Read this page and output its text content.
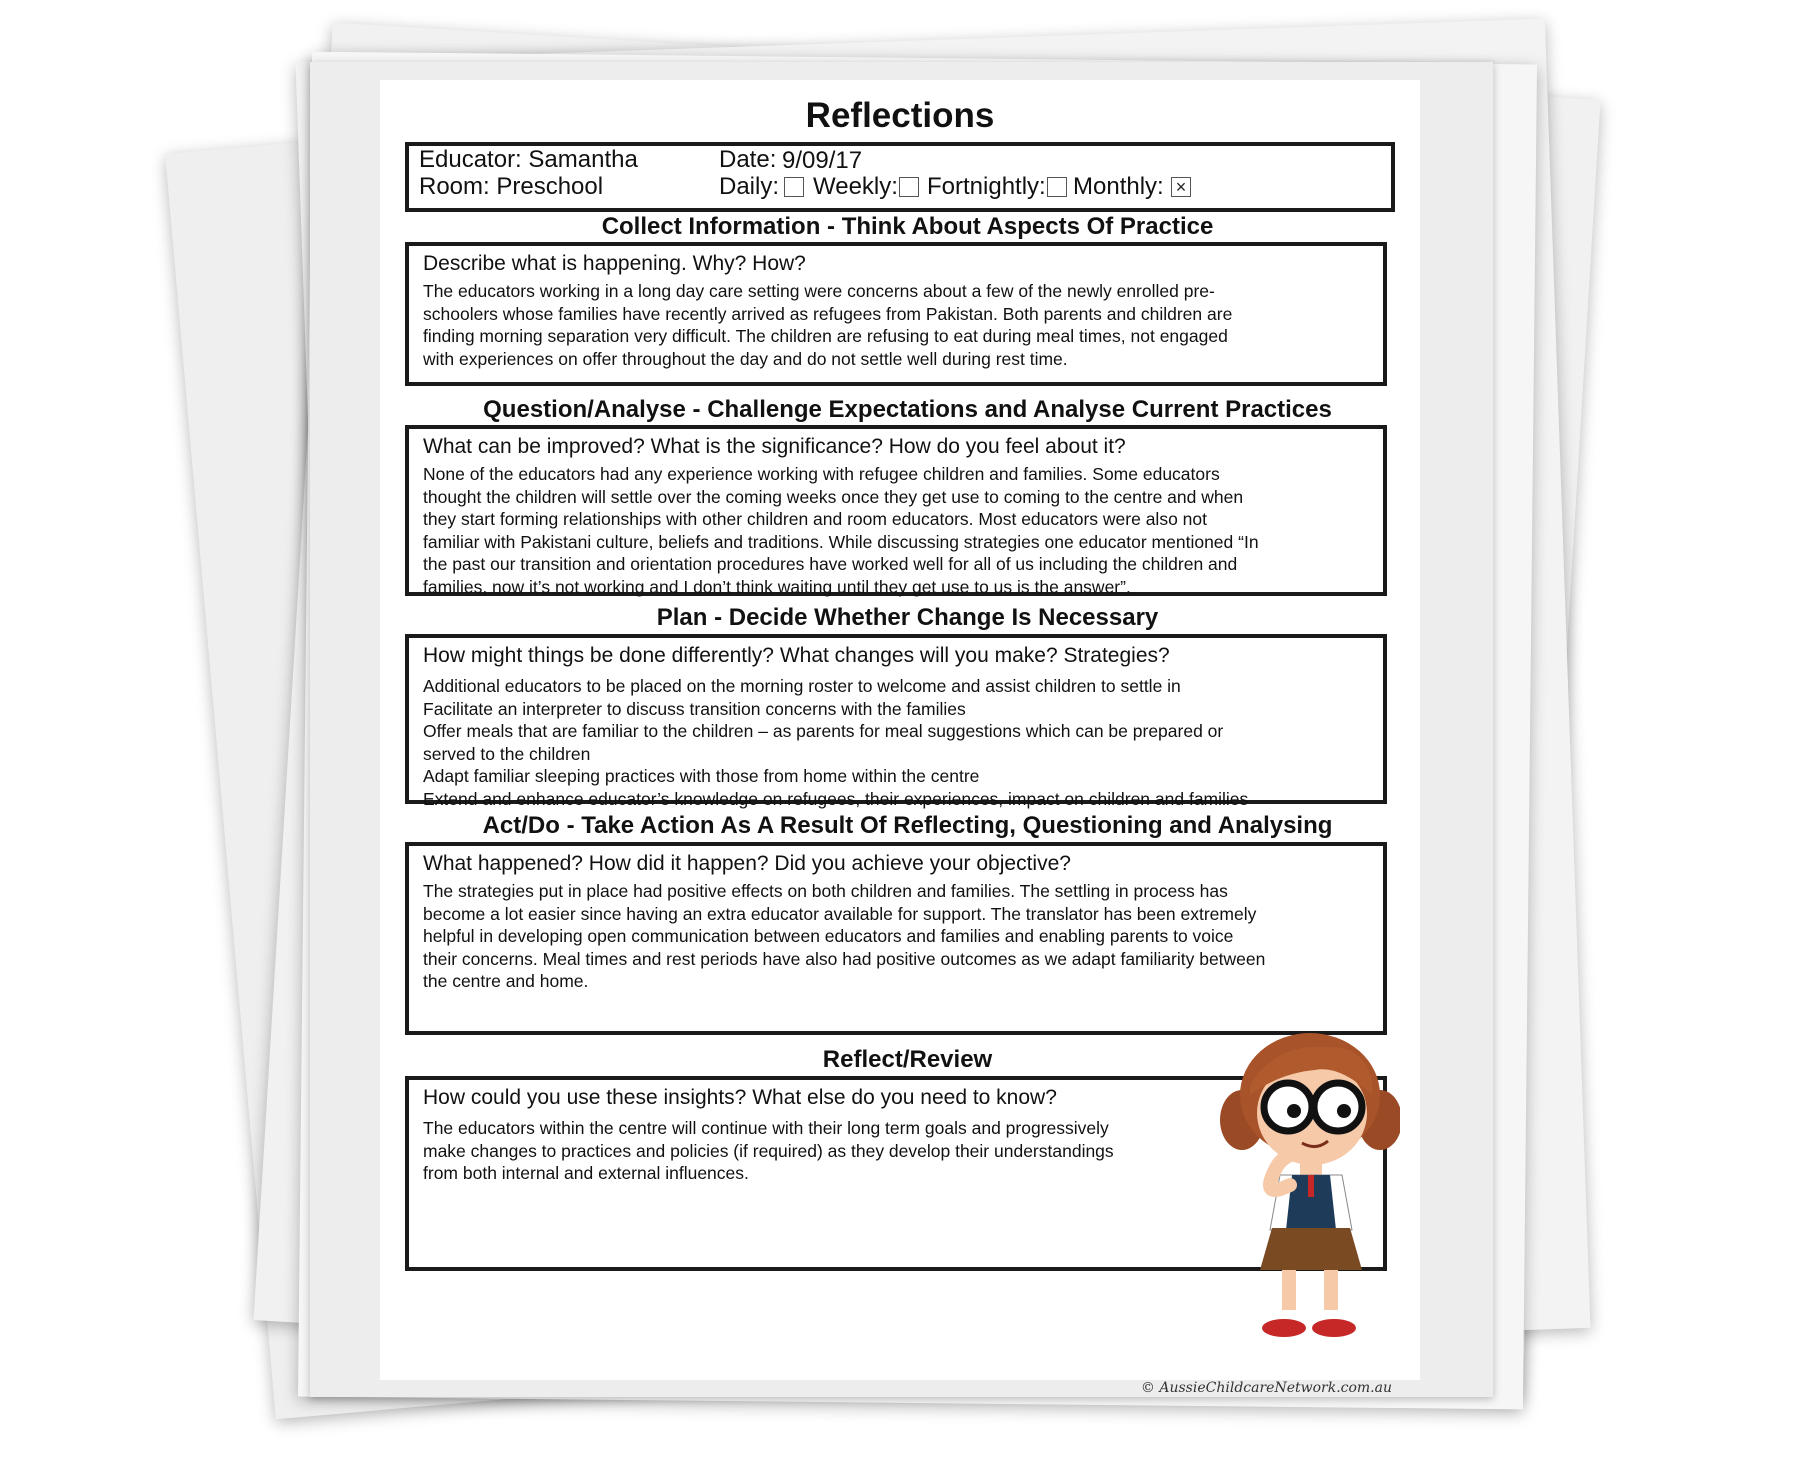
Reflections
Educator: Samantha
Room: Preschool
Date: 9/09/17
Daily: Weekly: Fortnightly: Monthly: ×
Collect Information - Think About Aspects Of Practice
Describe what is happening. Why? How?
The educators working in a long day care setting were concerns about a few of the newly enrolled pre-
schoolers whose families have recently arrived as refugees from Pakistan. Both parents and children are
finding morning separation very difficult. The children are refusing to eat during meal times, not engaged
with experiences on offer throughout the day and do not settle well during rest time.
Question/Analyse - Challenge Expectations and Analyse Current Practices
What can be improved? What is the significance? How do you feel about it?
None of the educators had any experience working with refugee children and families. Some educators
thought the children will settle over the coming weeks once they get use to coming to the centre and when
they start forming relationships with other children and room educators. Most educators were also not
familiar with Pakistani culture, beliefs and traditions. While discussing strategies one educator mentioned “In
the past our transition and orientation procedures have worked well for all of us including the children and
families, now it’s not working and I don’t think waiting until they get use to us is the answer”.
Plan - Decide Whether Change Is Necessary
How might things be done differently? What changes will you make? Strategies?
Additional educators to be placed on the morning roster to welcome and assist children to settle in
Facilitate an interpreter to discuss transition concerns with the families
Offer meals that are familiar to the children – as parents for meal suggestions which can be prepared or
served to the children
Adapt familiar sleeping practices with those from home within the centre
Extend and enhance educator’s knowledge on refugees, their experiences, impact on children and families
Act/Do - Take Action As A Result Of Reflecting, Questioning and Analysing
What happened? How did it happen? Did you achieve your objective?
The strategies put in place had positive effects on both children and families. The settling in process has
become a lot easier since having an extra educator available for support. The translator has been extremely
helpful in developing open communication between educators and families and enabling parents to voice
their concerns. Meal times and rest periods have also had positive outcomes as we adapt familiarity between
the centre and home.
Reflect/Review
How could you use these insights? What else do you need to know?
The educators within the centre will continue with their long term goals and progressively
make changes to practices and policies (if required) as they develop their understandings
from both internal and external influences.
© AussieChildcareNetwork.com.au
